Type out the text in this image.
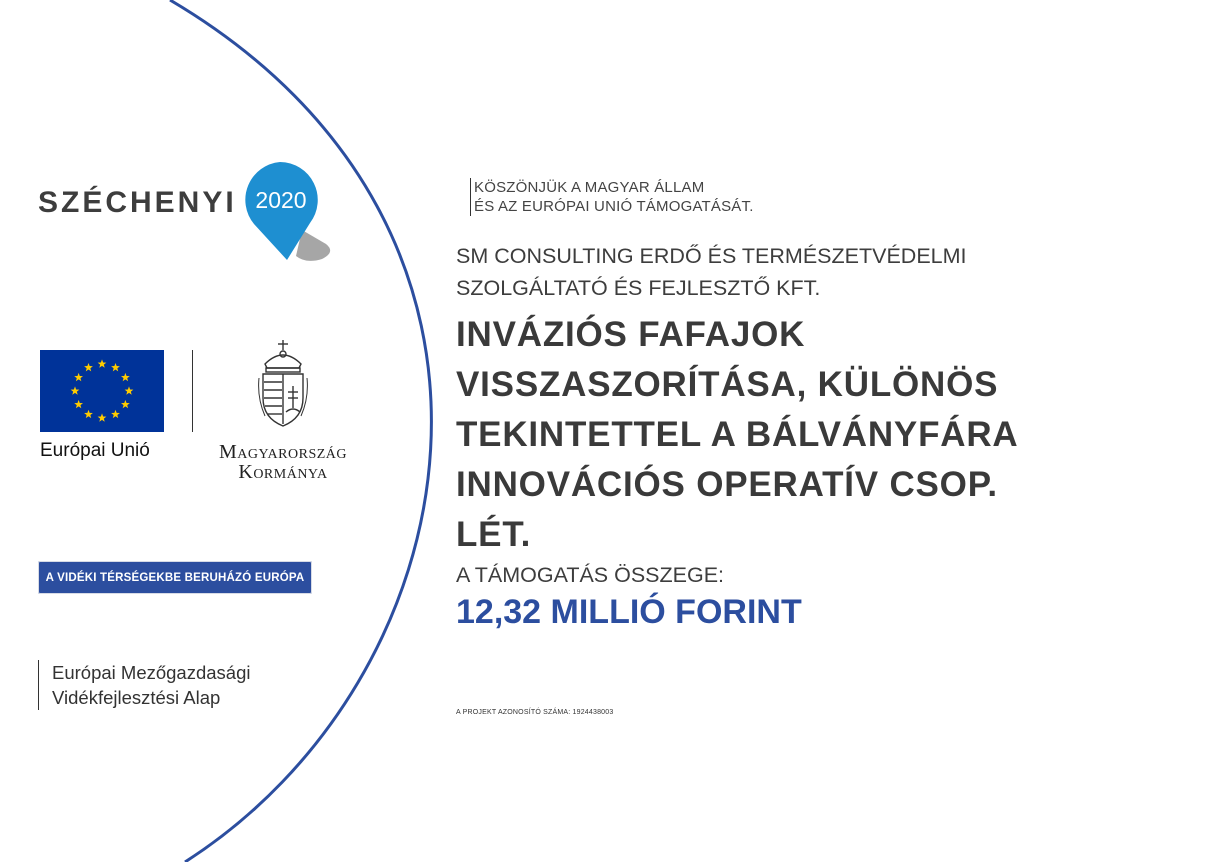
SZÉCHENYI 2020
Európai Unió	Magyarország
Kormánya
A VIDÉKI TÉRSÉGEKBE BERUHÁZÓ EURÓPA
Európai Mezőgazdasági
Vidékfejlesztési Alap
KÖSZÖNJÜK A MAGYAR ÁLLAM
ÉS AZ EURÓPAI UNIÓ TÁMOGATÁSÁT.
SM CONSULTING ERDŐ ÉS TERMÉSZETVÉDELMI
SZOLGÁLTATÓ ÉS FEJLESZTŐ KFT.
INVÁZIÓS FAFAJOK
VISSZASZORÍTÁSA, KÜLÖNÖS
TEKINTETTEL A BÁLVÁNYFÁRA
INNOVÁCIÓS OPERATÍV CSOP.
LÉT.
A TÁMOGATÁS ÖSSZEGE:
12,32 MILLIÓ FORINT
A PROJEKT AZONOSÍTÓ SZÁMA: 1924438003
